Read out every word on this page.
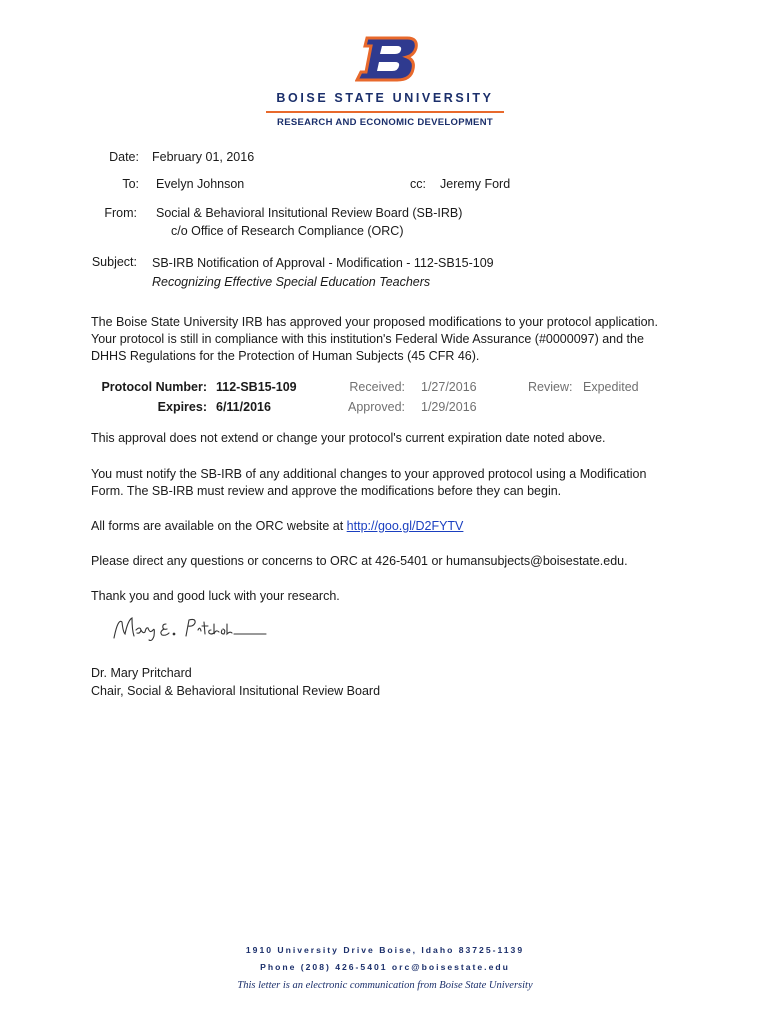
BOISE STATE UNIVERSITY
RESEARCH AND ECONOMIC DEVELOPMENT
Date: February 01, 2016
To: Evelyn Johnson	cc: Jeremy Ford
From: Social & Behavioral Insitutional Review Board (SB-IRB)
c/o Office of Research Compliance (ORC)
Subject: SB-IRB Notification of Approval - Modification - 112-SB15-109
Recognizing Effective Special Education Teachers

The Boise State University IRB has approved your proposed modifications to your protocol application.

Your protocol is still in compliance with this institution's Federal Wide Assurance (#0000097) and the

DHHS Regulations for the Protection of Human Subjects (45 CFR 46).

Protocol Number: 112-SB15-109
Expires: 6/11/2016
Received: 1/27/2016
Approved: 1/29/2016
Review: Expedited

This approval does not extend or change your protocol's current expiration date noted above.

You must notify the SB-IRB of any additional changes to your approved protocol using a Modification

Form. The SB-IRB must review and approve the modifications before they can begin.

All forms are available on the ORC website at http://goo.gl/D2FYTV

Please direct any questions or concerns to ORC at 426-5401 or humansubjects@boisestate.edu.

Thank you and good luck with your research.

Dr. Mary Pritchard
Chair, Social & Behavioral Insitutional Review Board
1910 University Drive Boise, Idaho 83725-1139
Phone (208) 426-5401 orc@boisestate.edu
This letter is an electronic communication from Boise State University
